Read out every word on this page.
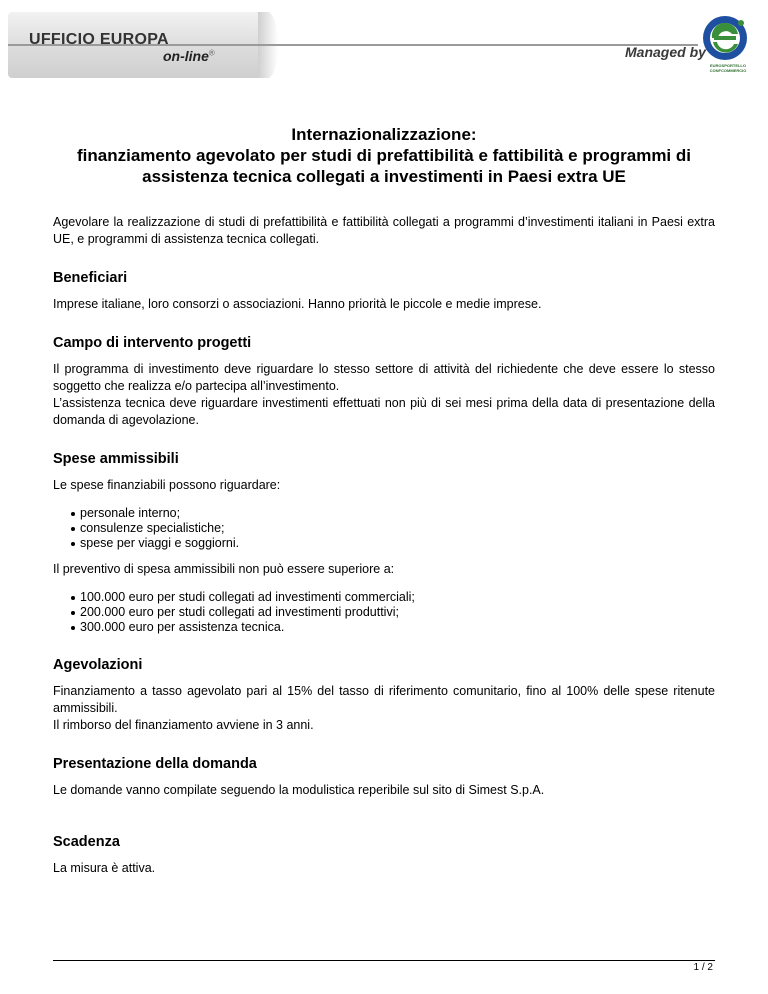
UFFICIO EUROPA
on-line®	Managed by
EUROSPORTELLO CONFCOMMERCIO
Internazionalizzazione:
finanziamento agevolato per studi di prefattibilità e fattibilità e programmi di assistenza tecnica collegati a investimenti in Paesi extra UE

Agevolare la realizzazione di studi di prefattibilità e fattibilità collegati a programmi d’investimenti italiani in Paesi extra UE, e programmi di assistenza tecnica collegati.

Beneficiari

Imprese italiane, loro consorzi o associazioni. Hanno priorità le piccole e medie imprese.

Campo di intervento progetti

Il programma di investimento deve riguardare lo stesso settore di attività del richiedente che deve essere lo stesso soggetto che realizza e/o partecipa all’investimento.

L’assistenza tecnica deve riguardare investimenti effettuati non più di sei mesi prima della data di presentazione della domanda di agevolazione.

Spese ammissibili

Le spese finanziabili possono riguardare:

personale interno;
consulenze specialistiche;
spese per viaggi e soggiorni.

Il preventivo di spesa ammissibili non può essere superiore a:

100.000 euro per studi collegati ad investimenti commerciali;
200.000 euro per studi collegati ad investimenti produttivi;
300.000 euro per assistenza tecnica.
Agevolazioni

Finanziamento a tasso agevolato pari al 15% del tasso di riferimento comunitario, fino al 100% delle spese ritenute ammissibili.

Il rimborso del finanziamento avviene in 3 anni.

Presentazione della domanda

Le domande vanno compilate seguendo la modulistica reperibile sul sito di Simest S.p.A.

Scadenza

La misura è attiva.

1 / 2
